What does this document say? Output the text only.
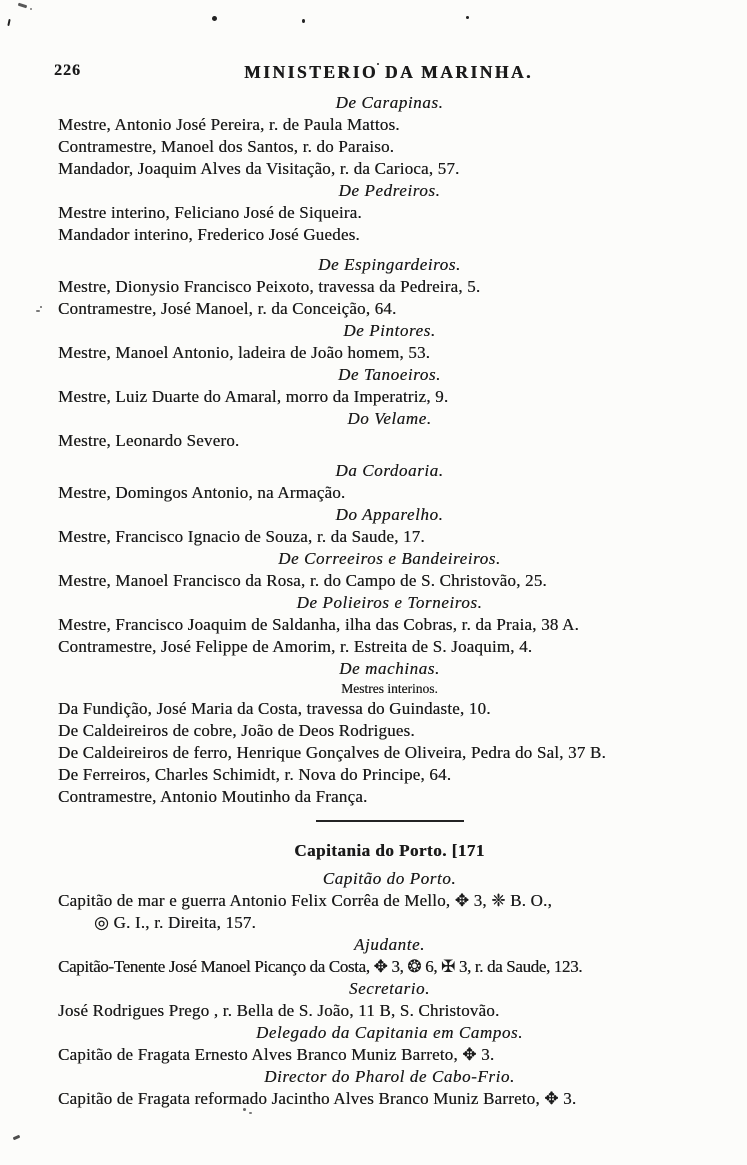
226	MINISTERIO DA MARINHA.
De Carapinas.
Mestre, Antonio José Pereira, r. de Paula Mattos.
Contramestre, Manoel dos Santos, r. do Paraiso.
Mandador, Joaquim Alves da Visitação, r. da Carioca, 57.
De Pedreiros.
Mestre interino, Feliciano José de Siqueira.
Mandador interino, Frederico José Guedes.
De Espingardeiros.
Mestre, Dionysio Francisco Peixoto, travessa da Pedreira, 5.
Contramestre, José Manoel, r. da Conceição, 64.
De Pintores.
Mestre, Manoel Antonio, ladeira de João homem, 53.
De Tanoeiros.
Mestre, Luiz Duarte do Amaral, morro da Imperatriz, 9.
Do Velame.
Mestre, Leonardo Severo.
Da Cordoaria.
Mestre, Domingos Antonio, na Armação.
Do Apparelho.
Mestre, Francisco Ignacio de Souza, r. da Saude, 17.
De Correeiros e Bandeireiros.
Mestre, Manoel Francisco da Rosa, r. do Campo de S. Christovão, 25.
De Polieiros e Torneiros.
Mestre, Francisco Joaquim de Saldanha, ilha das Cobras, r. da Praia, 38 A.
Contramestre, José Felippe de Amorim, r. Estreita de S. Joaquim, 4.
De machinas.
Mestres interinos.
Da Fundição, José Maria da Costa, travessa do Guindaste, 10.
De Caldeireiros de cobre, João de Deos Rodrigues.
De Caldeireiros de ferro, Henrique Gonçalves de Oliveira, Pedra do Sal, 37 B.
De Ferreiros, Charles Schimidt, r. Nova do Principe, 64.
Contramestre, Antonio Moutinho da França.
Capitania do Porto. [171
Capitão do Porto.
Capitão de mar e guerra Antonio Felix Corrêa de Mello, ✥ 3, ❈ B. O.,
◎ G. I., r. Direita, 157.
Ajudante.
Capitão-Tenente José Manoel Picanço da Costa, ✥ 3, ❂ 6, ✠ 3, r. da Saude, 123.
Secretario.
José Rodrigues Prego , r. Bella de S. João, 11 B, S. Christovão.
Delegado da Capitania em Campos.
Capitão de Fragata Ernesto Alves Branco Muniz Barreto, ✥ 3.
Director do Pharol de Cabo-Frio.
Capitão de Fragata reformado Jacintho Alves Branco Muniz Barreto, ✥ 3.
